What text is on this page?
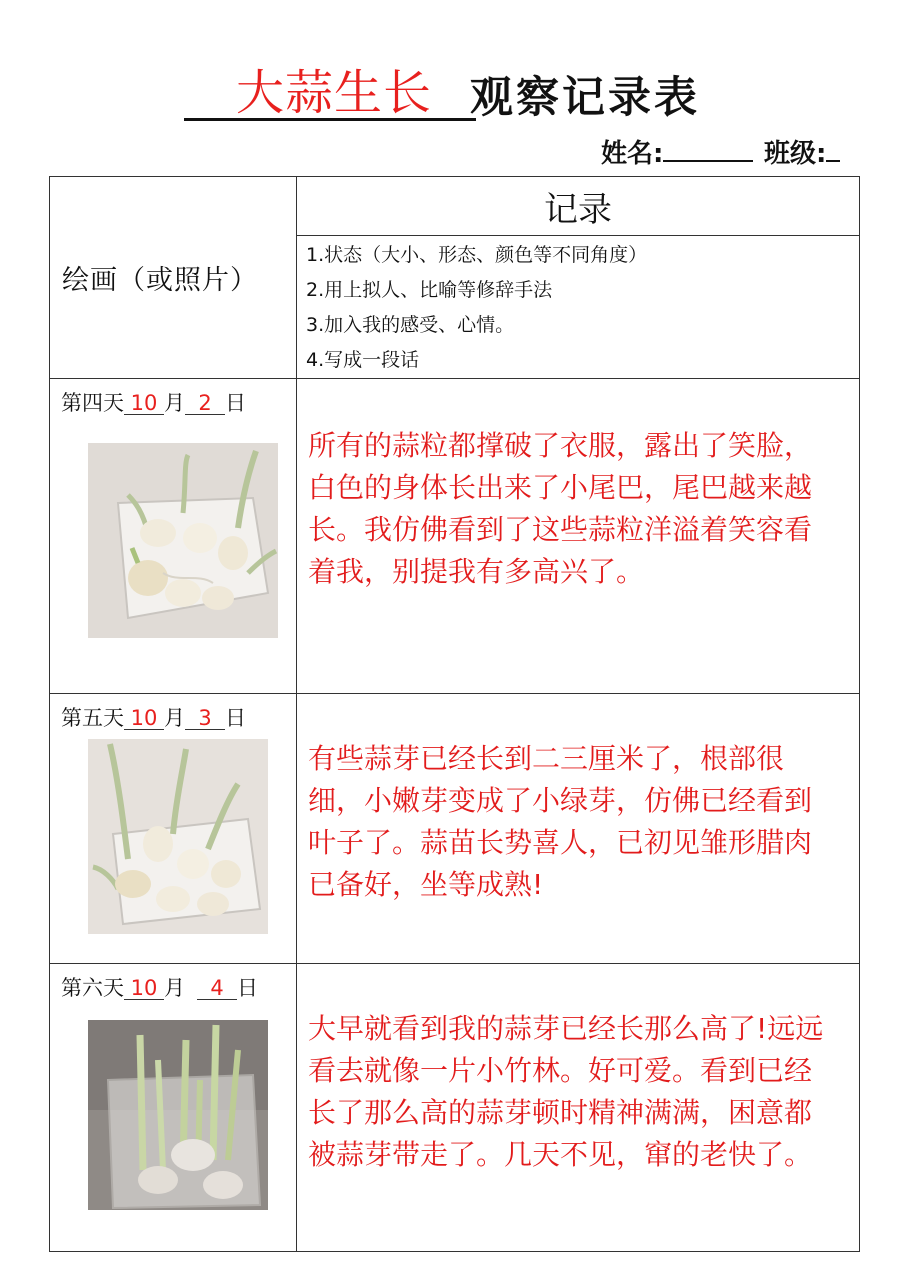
大蒜生长 观察记录表
姓名:	班级:
绘画（或照片）	记录

	1.状态（大小、形态、颜色等不同角度）
2.用上拟人、比喻等修辞手法
3.加入我的感受、心情。
4.写成一段话

第四天 10 月 2 日	所有的蒜粒都撑破了衣服，露出了笑脸，白色的身体长出来了小尾巴，尾巴越来越长。我仿佛看到了这些蒜粒洋溢着笑容看着我，别提我有多高兴了。

第五天 10 月 3 日	有些蒜芽已经长到二三厘米了，根部很细，小嫩芽变成了小绿芽，仿佛已经看到叶子了。蒜苗长势喜人，已初见雏形腊肉已备好，坐等成熟!

第六天 10 月 4 日	大早就看到我的蒜芽已经长那么高了!远远看去就像一片小竹林。好可爱。看到已经长了那么高的蒜芽顿时精神满满，困意都被蒜芽带走了。几天不见，窜的老快了。
